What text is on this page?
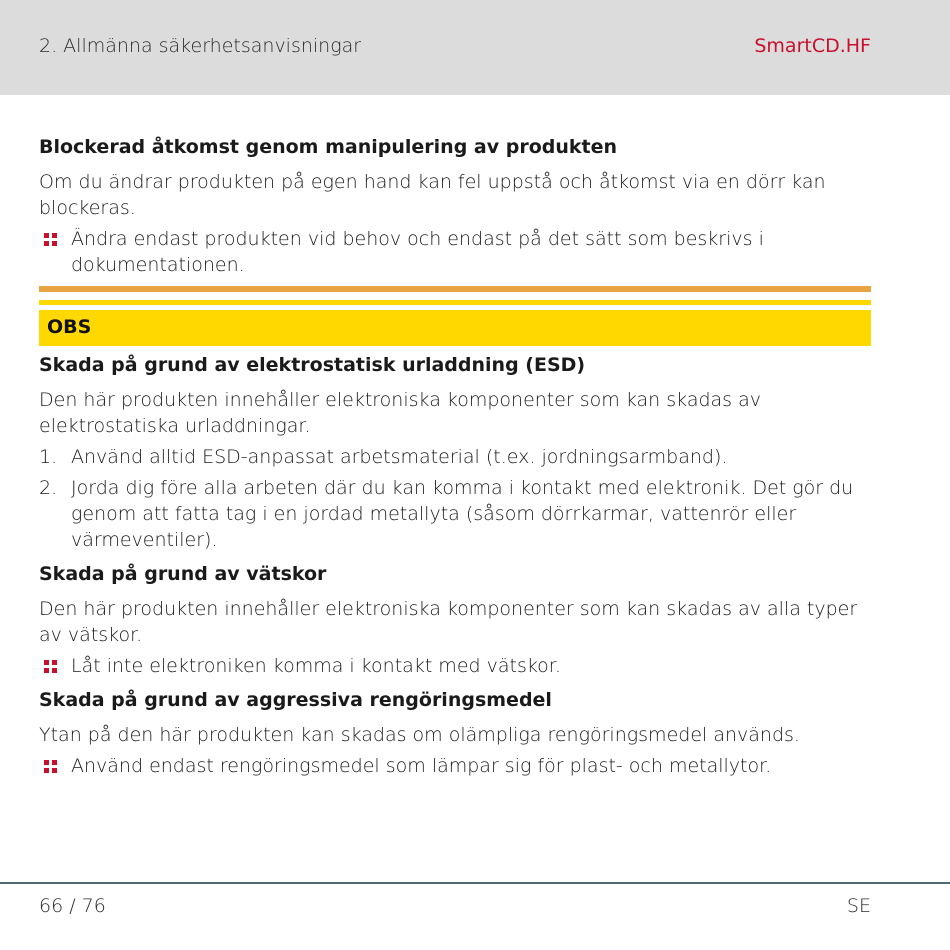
2. Allmänna säkerhetsanvisningar	SmartCD.HF
Blockerad åtkomst genom manipulering av produkten
Om du ändrar produkten på egen hand kan fel uppstå och åtkomst via en dörr kan blockeras.
Ändra endast produkten vid behov och endast på det sätt som beskrivs i dokumentationen.
OBS
Skada på grund av elektrostatisk urladdning (ESD)
Den här produkten innehåller elektroniska komponenter som kan skadas av elektrostatiska urladdningar.
1. Använd alltid ESD-anpassat arbetsmaterial (t.ex. jordningsarmband).
2. Jorda dig före alla arbeten där du kan komma i kontakt med elektronik. Det gör du genom att fatta tag i en jordad metallyta (såsom dörrkarmar, vattenrör eller värmeventiler).
Skada på grund av vätskor
Den här produkten innehåller elektroniska komponenter som kan skadas av alla typer av vätskor.
Låt inte elektroniken komma i kontakt med vätskor.
Skada på grund av aggressiva rengöringsmedel
Ytan på den här produkten kan skadas om olämpliga rengöringsmedel används.
Använd endast rengöringsmedel som lämpar sig för plast- och metallytor.
66 / 76	SE
